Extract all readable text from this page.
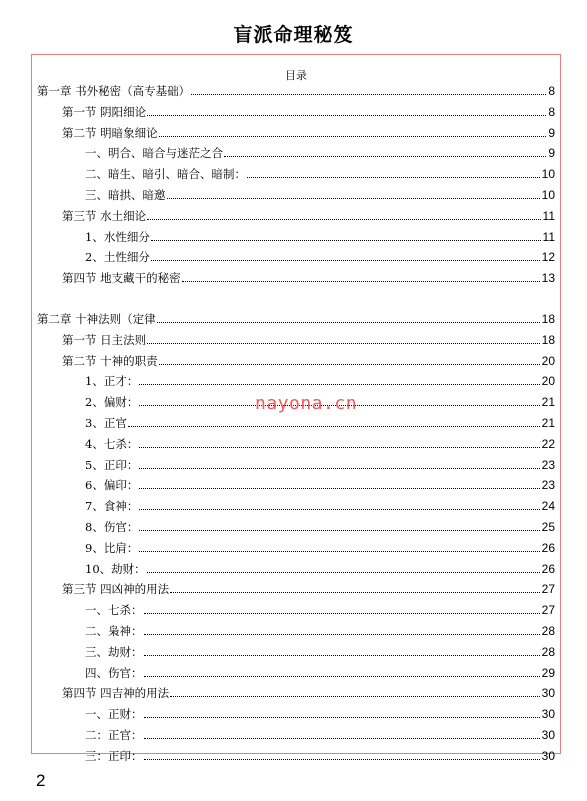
盲派命理秘笈
目录
第一章 书外秘密（高专基础）	8
第一节 阴阳细论	8
第二节 明暗象细论	9
一、明合、暗合与迷茫之合	9
二、暗生、暗引、暗合、暗制：	10
三、暗拱、暗邀	10
第三节 水土细论	11
1、水性细分	11
2、土性细分	12
第四节 地支藏干的秘密	13
第二章 十神法则（定律	18
第一节 日主法则	18
第二节 十神的职责	20
1、正才：	20
2、偏财：	21
3、正官	21
4、七杀：	22
5、正印：	23
6、偏印：	23
7、食神：	24
8、伤官：	25
9、比肩：	26
10、劫财：	26
第三节 四凶神的用法	27
一、七杀：	27
二、枭神：	28
三、劫财：	28
四、伤官：	29
第四节 四吉神的用法	30
一、正财：	30
二：正官：	30
三：正印：	30
nayona.cn
2
